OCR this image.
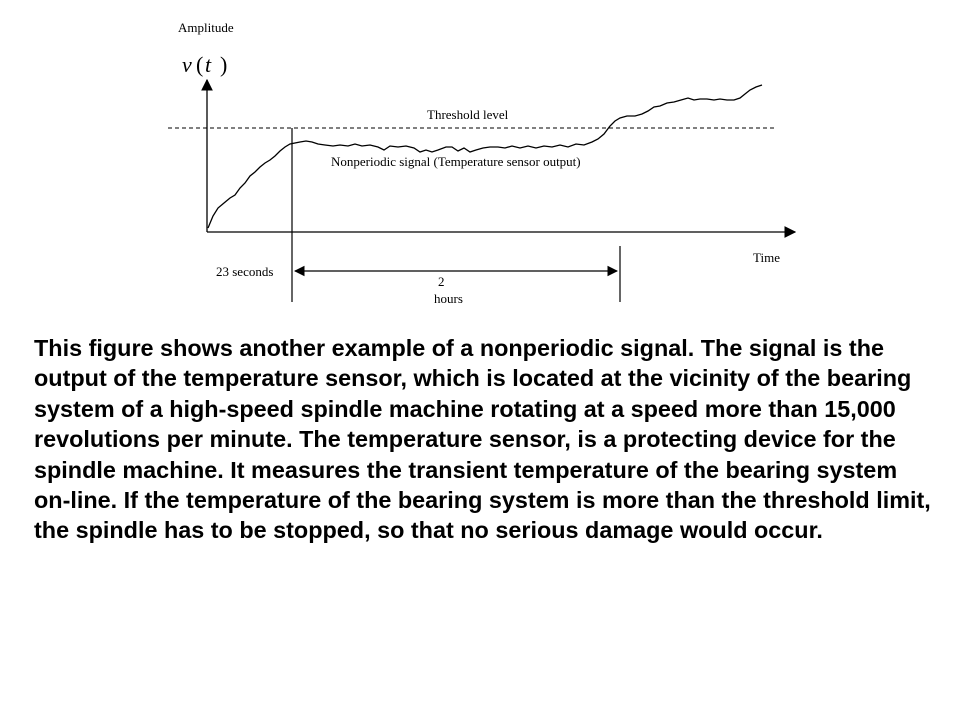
Amplitude
v ( t )
Threshold level
Nonperiodic signal (Temperature sensor output)
Time
23 seconds
2
hours

This figure shows another example of a nonperiodic signal. The signal is the output of the temperature sensor, which is located at the vicinity of the bearing system of a high-speed spindle machine rotating at a speed more than 15,000 revolutions per minute. The temperature sensor, is a protecting device for the spindle machine. It measures the transient temperature of the bearing system on-line. If the temperature of the bearing system is more than the threshold limit, the spindle has to be stopped, so that no serious damage would occur.
